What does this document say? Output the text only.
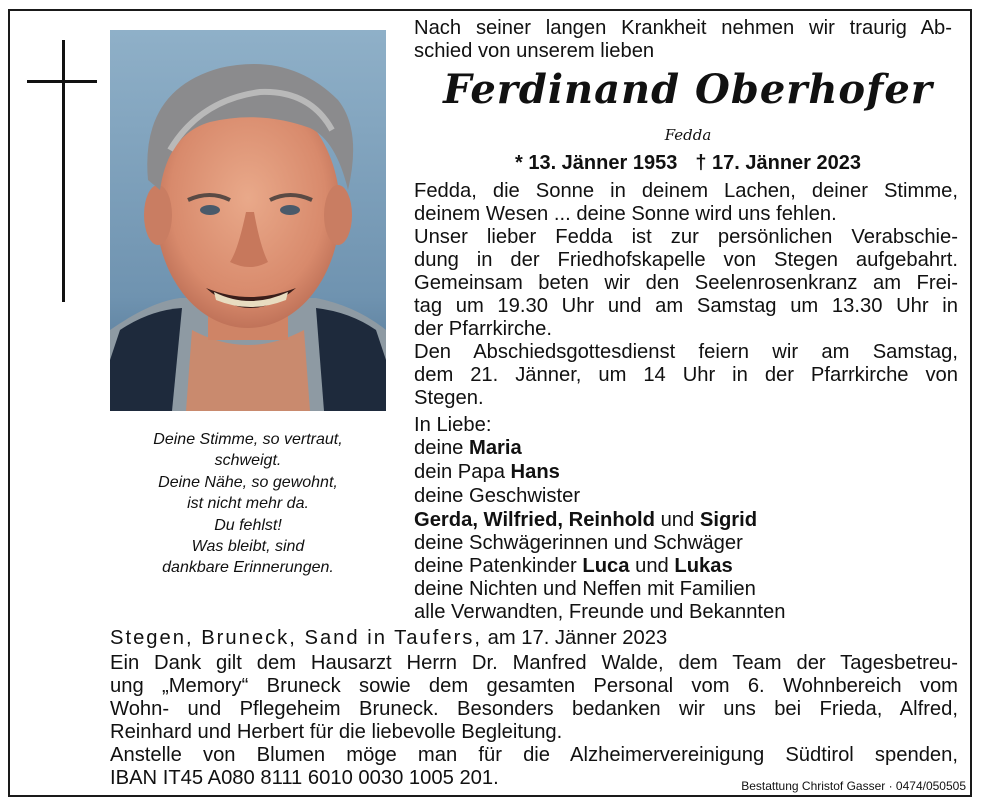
Deine Stimme, so vertraut,
schweigt.
Deine Nähe, so gewohnt,
ist nicht mehr da.
Du fehlst!
Was bleibt, sind
dankbare Erinnerungen.
Nach seiner langen Krankheit nehmen wir traurig Ab-
schied von unserem lieben
Ferdinand Oberhofer
Fedda
* 13. Jänner 1953 † 17. Jänner 2023
Fedda, die Sonne in deinem Lachen, deiner Stimme,
deinem Wesen ... deine Sonne wird uns fehlen.
Unser lieber Fedda ist zur persönlichen Verabschie-
dung in der Friedhofskapelle von Stegen aufgebahrt.
Gemeinsam beten wir den Seelenrosenkranz am Frei-
tag um 19.30 Uhr und am Samstag um 13.30 Uhr in
der Pfarrkirche.
Den Abschiedsgottesdienst feiern wir am Samstag,
dem 21. Jänner, um 14 Uhr in der Pfarrkirche von
Stegen.
In Liebe:
deine Maria
dein Papa Hans
deine Geschwister
Gerda, Wilfried, Reinhold und Sigrid
deine Schwägerinnen und Schwäger
deine Patenkinder Luca und Lukas
deine Nichten und Neffen mit Familien
alle Verwandten, Freunde und Bekannten
Stegen, Bruneck, Sand in Taufers, am 17. Jänner 2023
Ein Dank gilt dem Hausarzt Herrn Dr. Manfred Walde, dem Team der Tagesbetreu-
ung „Memory“ Bruneck sowie dem gesamten Personal vom 6. Wohnbereich vom
Wohn- und Pflegeheim Bruneck. Besonders bedanken wir uns bei Frieda, Alfred,
Reinhard und Herbert für die liebevolle Begleitung.
Anstelle von Blumen möge man für die Alzheimervereinigung Südtirol spenden,
IBAN IT45 A080 8111 6010 0030 1005 201.	Bestattung Christof Gasser · 0474/050505
